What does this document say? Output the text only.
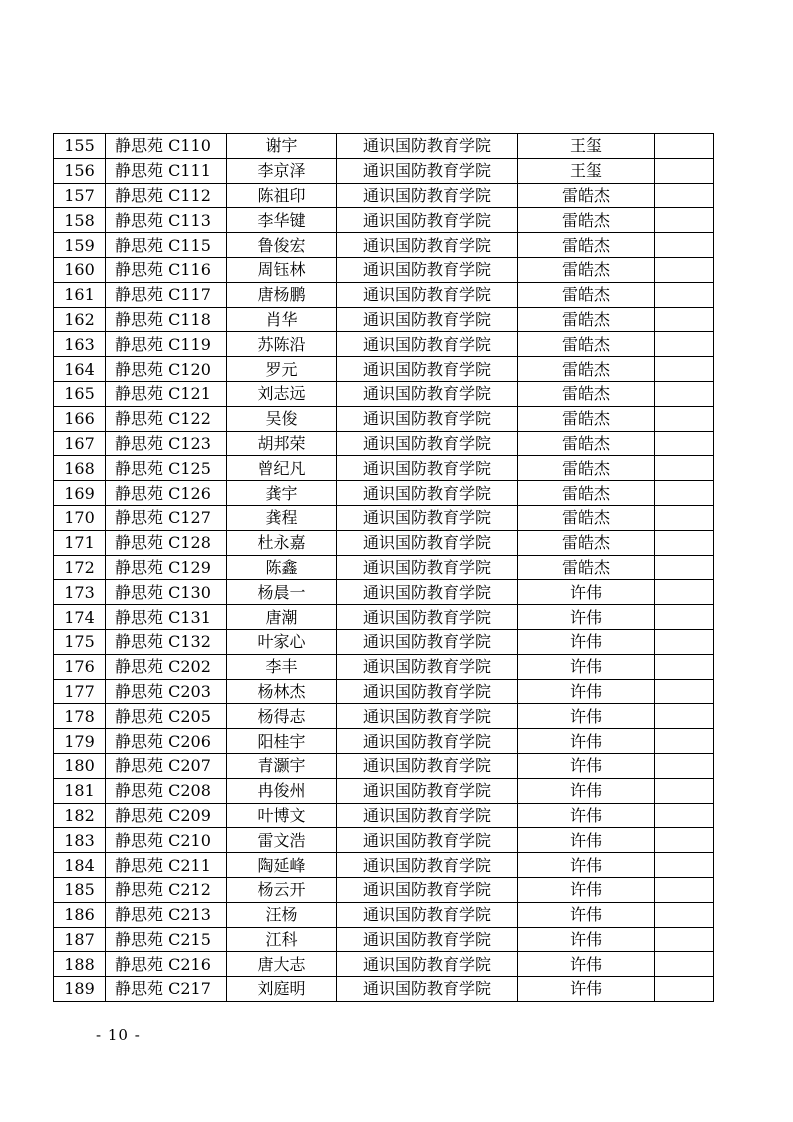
155	静思苑 C110	谢宇	通识国防教育学院	王玺	
156	静思苑 C111	李京泽	通识国防教育学院	王玺	
157	静思苑 C112	陈祖印	通识国防教育学院	雷皓杰	
158	静思苑 C113	李华键	通识国防教育学院	雷皓杰	
159	静思苑 C115	鲁俊宏	通识国防教育学院	雷皓杰	
160	静思苑 C116	周钰林	通识国防教育学院	雷皓杰	
161	静思苑 C117	唐杨鹏	通识国防教育学院	雷皓杰	
162	静思苑 C118	肖华	通识国防教育学院	雷皓杰	
163	静思苑 C119	苏陈沿	通识国防教育学院	雷皓杰	
164	静思苑 C120	罗元	通识国防教育学院	雷皓杰	
165	静思苑 C121	刘志远	通识国防教育学院	雷皓杰	
166	静思苑 C122	吴俊	通识国防教育学院	雷皓杰	
167	静思苑 C123	胡邦荣	通识国防教育学院	雷皓杰	
168	静思苑 C125	曾纪凡	通识国防教育学院	雷皓杰	
169	静思苑 C126	龚宇	通识国防教育学院	雷皓杰	
170	静思苑 C127	龚程	通识国防教育学院	雷皓杰	
171	静思苑 C128	杜永嘉	通识国防教育学院	雷皓杰	
172	静思苑 C129	陈鑫	通识国防教育学院	雷皓杰	
173	静思苑 C130	杨晨一	通识国防教育学院	许伟	
174	静思苑 C131	唐潮	通识国防教育学院	许伟	
175	静思苑 C132	叶家心	通识国防教育学院	许伟	
176	静思苑 C202	李丰	通识国防教育学院	许伟	
177	静思苑 C203	杨林杰	通识国防教育学院	许伟	
178	静思苑 C205	杨得志	通识国防教育学院	许伟	
179	静思苑 C206	阳桂宇	通识国防教育学院	许伟	
180	静思苑 C207	青灏宇	通识国防教育学院	许伟	
181	静思苑 C208	冉俊州	通识国防教育学院	许伟	
182	静思苑 C209	叶博文	通识国防教育学院	许伟	
183	静思苑 C210	雷文浩	通识国防教育学院	许伟	
184	静思苑 C211	陶延峰	通识国防教育学院	许伟	
185	静思苑 C212	杨云开	通识国防教育学院	许伟	
186	静思苑 C213	汪杨	通识国防教育学院	许伟	
187	静思苑 C215	江科	通识国防教育学院	许伟	
188	静思苑 C216	唐大志	通识国防教育学院	许伟	
189	静思苑 C217	刘庭明	通识国防教育学院	许伟	
- 10 -
